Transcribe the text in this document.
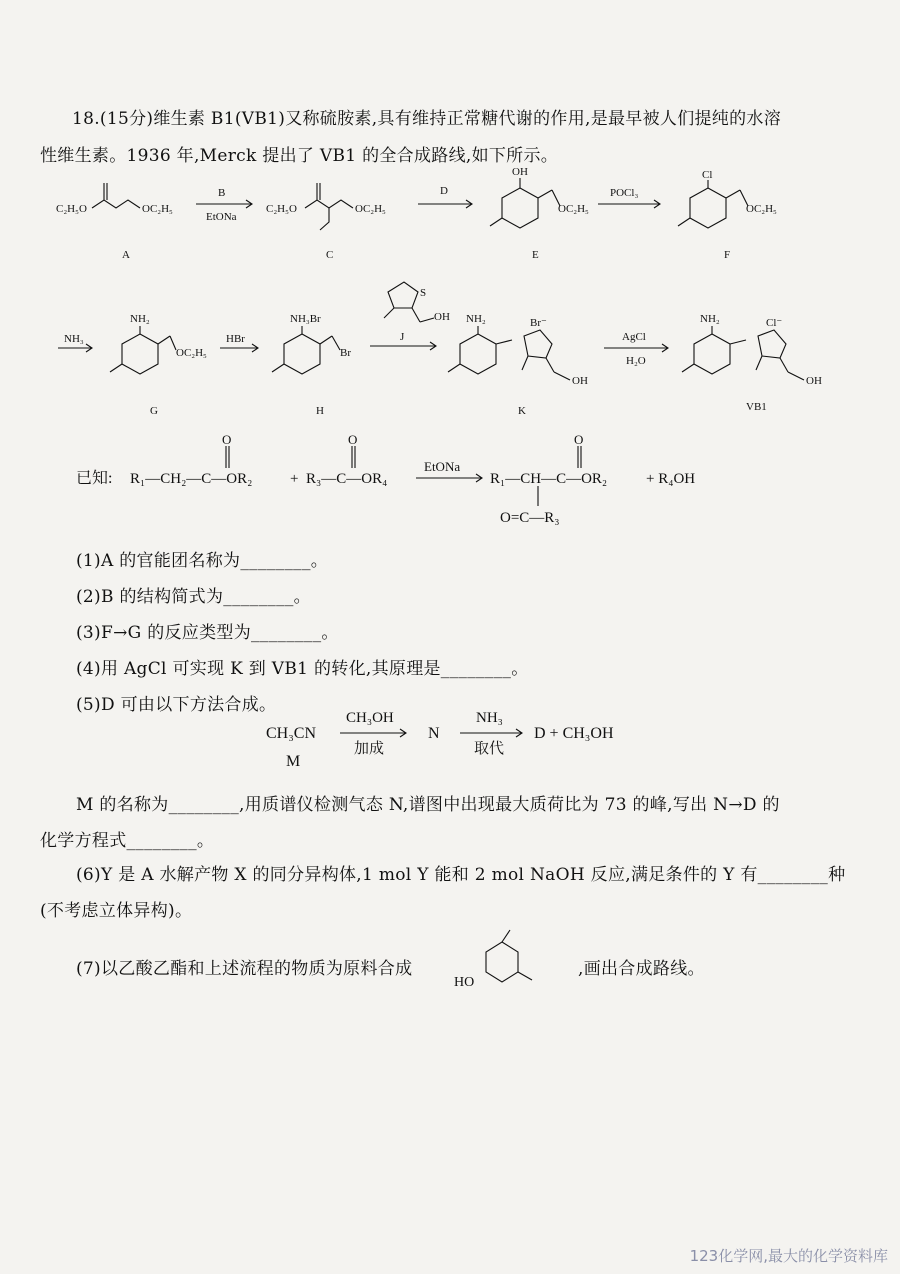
18.(15分)维生素 B1(VB1)又称硫胺素,具有维持正常糖代谢的作用,是最早被人们提纯的水溶
性维生素。1936 年,Merck 提出了 VB1 的全合成路线,如下所示。
C₂H₅O	OC₂H₅
B
EtONa
C₂H₅O	OC₂H₅
D
OH
OC₂H₅
POCl₃
Cl
OC₂H₅
NH₃
NH₂
OC₂H₅
HBr
NH₃Br
Br
OH
S
NH₂	Br⁻
OH
AgCl
H₂O
NH₂	Cl⁻
OH
A	C	E	F
G	H
J
K	VB1
O	O	O
已知: R₁—CH₂—C—OR₂	+ R₃—C—OR₄
EtONa
R₁—CH—C—OR₂	+ R₄OH
O=C—R₃
(1)A 的官能团名称为________。
(2)B 的结构简式为________。
(3)F→G 的反应类型为________。
(4)用 AgCl 可实现 K 到 VB1 的转化,其原理是________。
(5)D 可由以下方法合成。
CH₃CN
M
CH₃OH
加成
N
NH₃
取代
D + CH₃OH
M 的名称为________,用质谱仪检测气态 N,谱图中出现最大质荷比为 73 的峰,写出 N→D 的
化学方程式________。
(6)Y 是 A 水解产物 X 的同分异构体,1 mol Y 能和 2 mol NaOH 反应,满足条件的 Y 有________种
(不考虑立体异构)。
(7)以乙酸乙酯和上述流程的物质为原料合成
HO
,画出合成路线。
123化学网,最大的化学资料库
